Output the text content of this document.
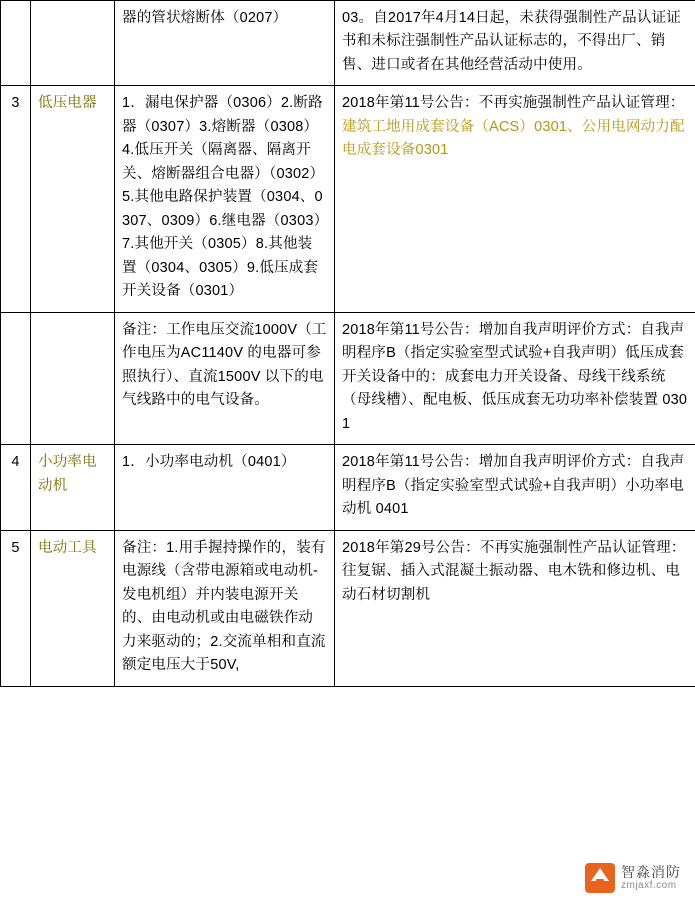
		器的管状熔断体（0207）	03。自2017年4月14日起，未获得强制性产品认证证书和未标注强制性产品认证标志的，不得出厂、销售、进口或者在其他经营活动中使用。
3	低压电器	1．漏电保护器（0306）2.断路器（0307）3.熔断器（0308）4.低压开关（隔离器、隔离开关、熔断器组合电器）（0302）5.其他电路保护装置（0304、0307、0309）6.继电器（0303）7.其他开关（0305）8.其他装置（0304、0305）9.低压成套开关设备（0301）	2018年第11号公告：不再实施强制性产品认证管理：建筑工地用成套设备（ACS）0301、公用电网动力配电成套设备0301
		备注：工作电压交流1000V（工作电压为AC1140V 的电器可参照执行）、直流1500V 以下的电气线路中的电气设备。	2018年第11号公告：增加自我声明评价方式：自我声明程序B（指定实验室型式试验+自我声明）低压成套开关设备中的：成套电力开关设备、母线干线系统（母线槽）、配电板、低压成套无功功率补偿装置 0301
4	小功率电动机	1．小功率电动机（0401）	2018年第11号公告：增加自我声明评价方式：自我声明程序B（指定实验室型式试验+自我声明）小功率电动机 0401
5	电动工具	备注：1.用手握持操作的，装有电源线（含带电源箱或电动机-发电机组）并内装电源开关的、由电动机或由电磁铁作动力来驱动的；2.交流单相和直流额定电压大于50V,	2018年第29号公告：不再实施强制性产品认证管理：往复锯、插入式混凝土振动器、电木铣和修边机、电动石材切割机
智淼消防
zmjaxf.com
